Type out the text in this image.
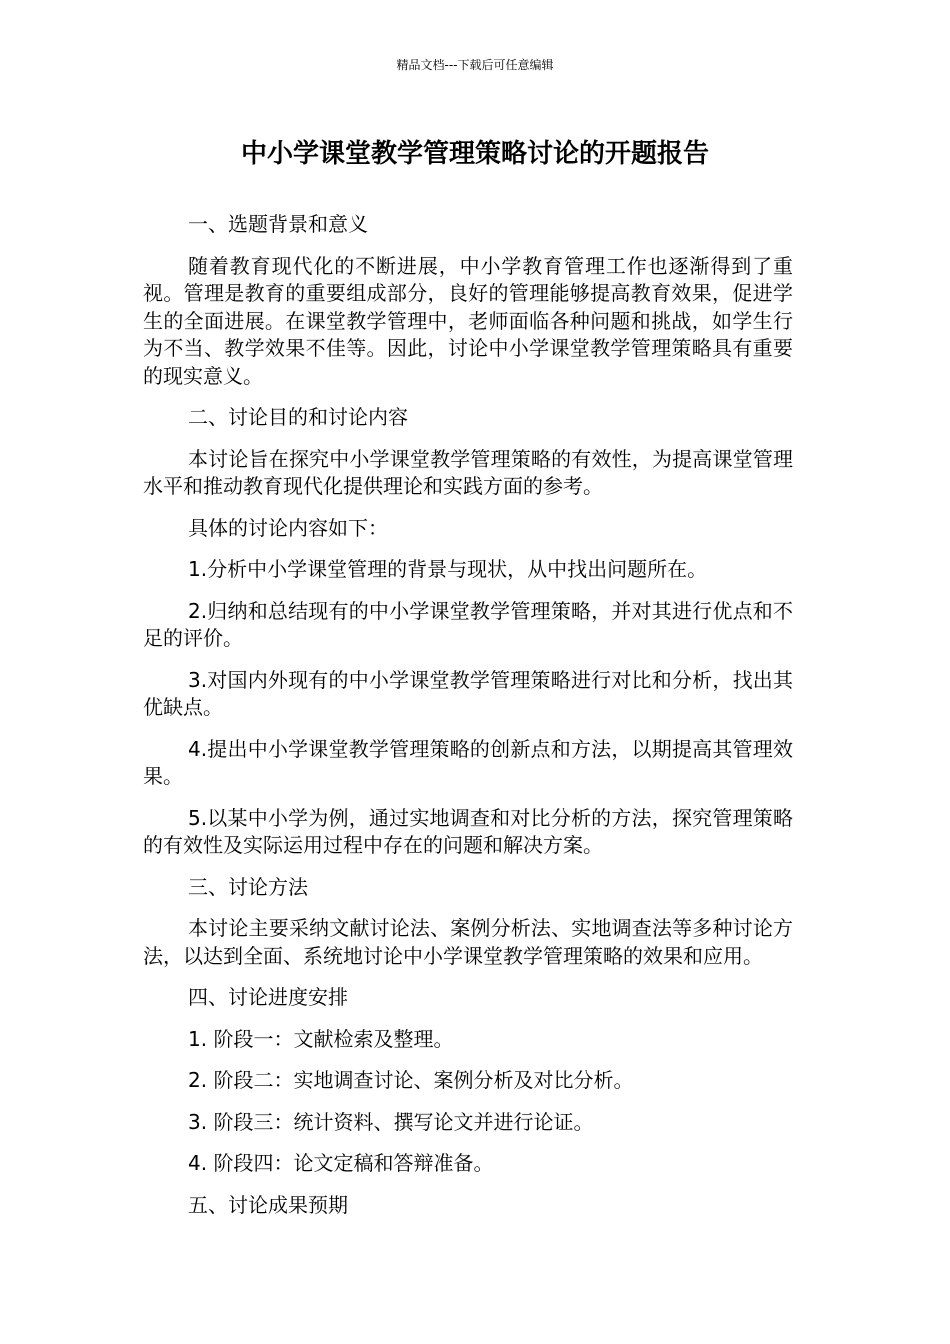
精品文档---下载后可任意编辑
中小学课堂教学管理策略讨论的开题报告

一、选题背景和意义

随着教育现代化的不断进展，中小学教育管理工作也逐渐得到了重视。管理是教育的重要组成部分，良好的管理能够提高教育效果，促进学生的全面进展。在课堂教学管理中，老师面临各种问题和挑战，如学生行为不当、教学效果不佳等。因此，讨论中小学课堂教学管理策略具有重要的现实意义。

二、讨论目的和讨论内容

本讨论旨在探究中小学课堂教学管理策略的有效性，为提高课堂管理水平和推动教育现代化提供理论和实践方面的参考。

具体的讨论内容如下：

1.分析中小学课堂管理的背景与现状，从中找出问题所在。

2.归纳和总结现有的中小学课堂教学管理策略，并对其进行优点和不足的评价。

3.对国内外现有的中小学课堂教学管理策略进行对比和分析，找出其优缺点。

4.提出中小学课堂教学管理策略的创新点和方法，以期提高其管理效果。

5.以某中小学为例，通过实地调查和对比分析的方法，探究管理策略的有效性及实际运用过程中存在的问题和解决方案。

三、讨论方法

本讨论主要采纳文献讨论法、案例分析法、实地调查法等多种讨论方法，以达到全面、系统地讨论中小学课堂教学管理策略的效果和应用。

四、讨论进度安排

1. 阶段一：文献检索及整理。

2. 阶段二：实地调查讨论、案例分析及对比分析。

3. 阶段三：统计资料、撰写论文并进行论证。

4. 阶段四：论文定稿和答辩准备。

五、讨论成果预期
